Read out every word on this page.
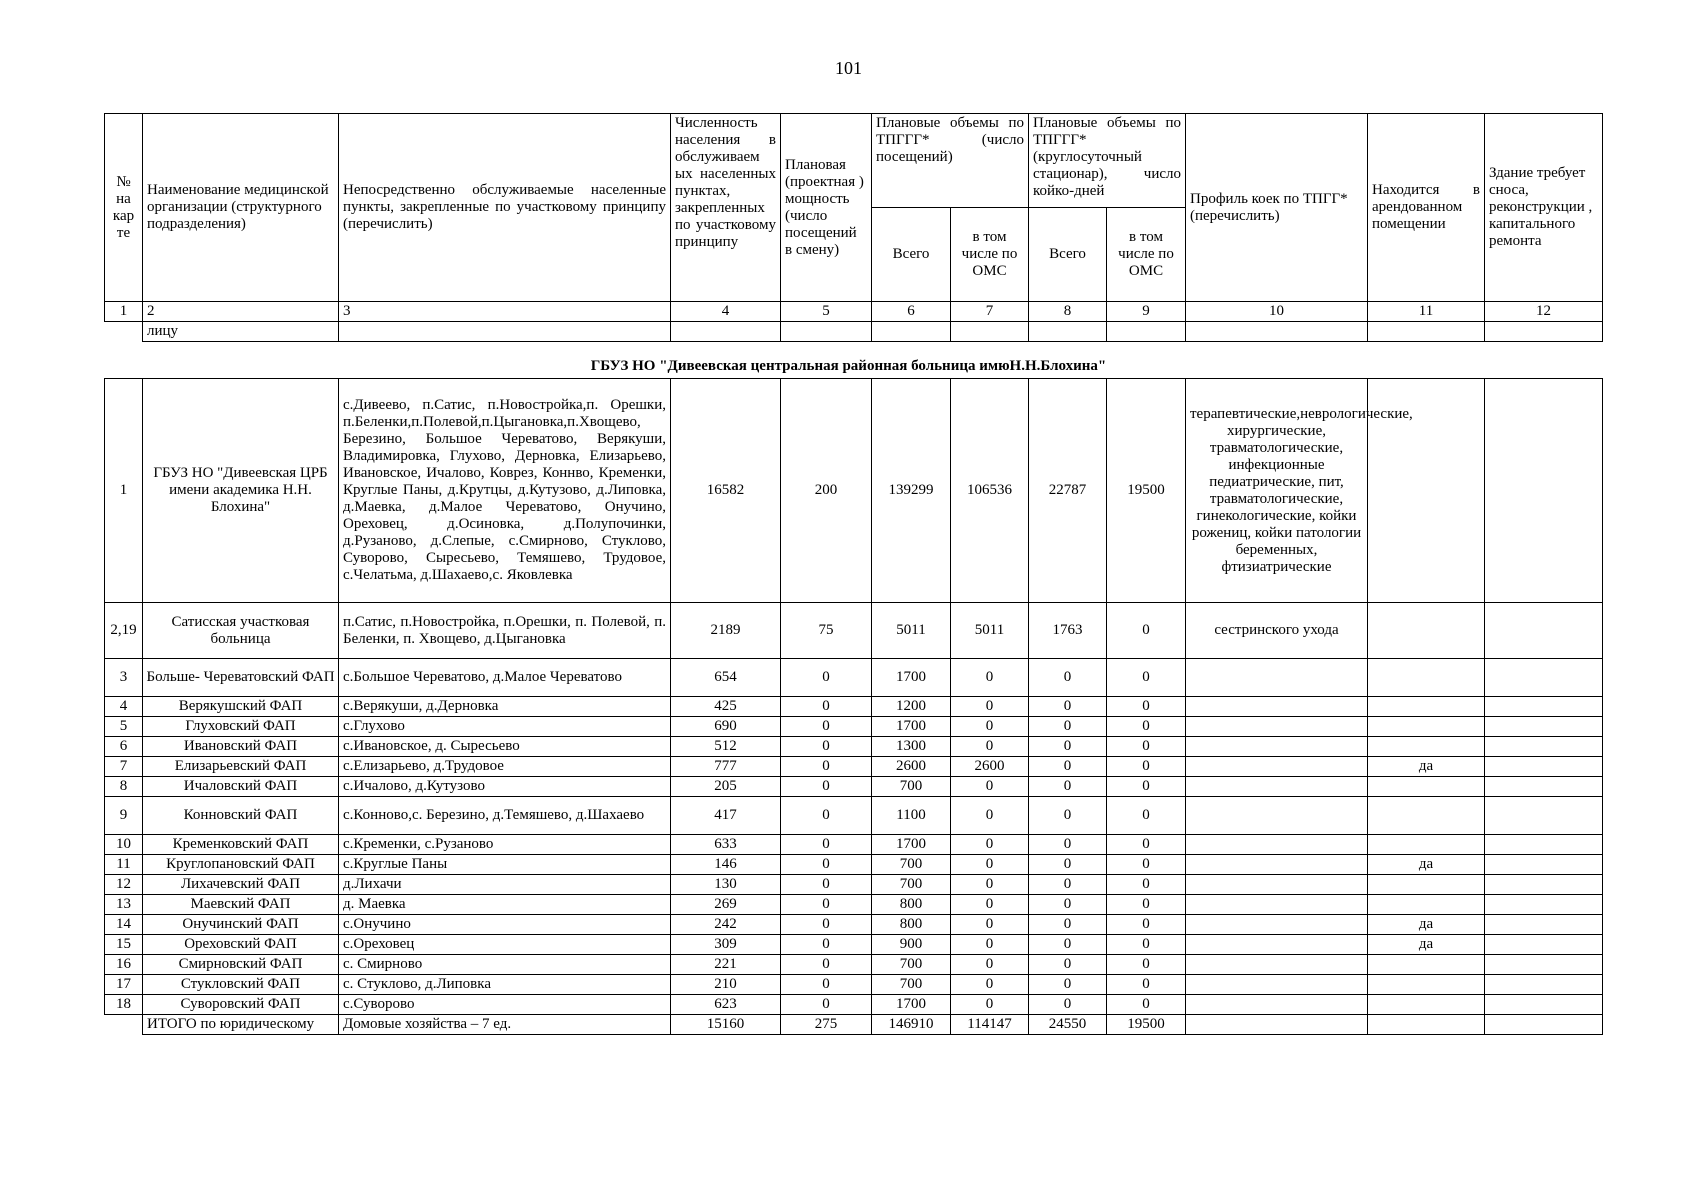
101
№ на кар те	Наименование медицинской организации (структурного подразделения)	Непосредственно обслуживаемые населенные пункты, закрепленные по участковому принципу (перечислить)	Численность населения в обслуживаем ых населенных пунктах, закрепленных по участковому принципу	Плановая (проектная ) мощность (число посещений в смену)	Плановые объемы по ТПГГГ* (число посещений)		Плановые объемы по ТПГГГ* (круглосуточный стационар), число койко-дней		Профиль коек по ТПГГ* (перечислить)	Находится в арендованном помещении	Здание требует сноса, реконструкции , капитального ремонта
					Всего	в том числе по ОМС	Всего	в том числе по ОМС			
1	2	3	4	5	6	7	8	9	10	11	12
	лицу										
ГБУЗ НО "Дивеевская центральная районная больница имюН.Н.Блохина"
1	ГБУЗ НО "Дивеевская ЦРБ имени академика Н.Н. Блохина"	с.Дивеево, п.Сатис, п.Новостройка,п. Орешки, п.Беленки,п.Полевой,п.Цыгановка,п.Хвощево, Березино, Большое Череватово, Верякуши, Владимировка, Глухово, Дерновка, Елизарьево, Ивановское, Ичалово, Коврез, Коннво, Кременки, Круглые Паны, д.Крутцы, д.Кутузово, д.Липовка, д.Маевка, д.Малое Череватово, Онучино, Ореховец, д.Осиновка, д.Полупочинки, д.Рузаново, д.Слепые, с.Смирново, Стуклово, Суворово, Сыресьево, Темяшево, Трудовое, с.Челатьма, д.Шахаево,с. Яковлевка	16582	200	139299	106536	22787	19500	терапевтические,неврологические, хирургические, травматологические, инфекционные педиатрические, пит, травматологические, гинекологические, койки рожениц, койки патологии беременных, фтизиатрические		
2,19	Сатисская участковая больница	п.Сатис, п.Новостройка, п.Орешки, п. Полевой, п. Беленки, п. Хвощево, д.Цыгановка	2189	75	5011	5011	1763	0	сестринского ухода		
3	Больше- Череватовский ФАП	с.Большое Череватово, д.Малое Череватово	654	0	1700	0	0	0			
4	Верякушский ФАП	с.Верякуши, д.Дерновка	425	0	1200	0	0	0			
5	Глуховский ФАП	с.Глухово	690	0	1700	0	0	0			
6	Ивановский ФАП	с.Ивановское, д. Сыресьево	512	0	1300	0	0	0			
7	Елизарьевский ФАП	с.Елизарьево, д.Трудовое	777	0	2600	2600	0	0		да	
8	Ичаловский ФАП	с.Ичалово, д.Кутузово	205	0	700	0	0	0			
9	Конновский ФАП	с.Конново,с. Березино, д.Темяшево, д.Шахаево	417	0	1100	0	0	0			
10	Кременковский ФАП	с.Кременки, с.Рузаново	633	0	1700	0	0	0			
11	Круглопановский ФАП	с.Круглые Паны	146	0	700	0	0	0		да	
12	Лихачевский ФАП	д.Лихачи	130	0	700	0	0	0			
13	Маевский ФАП	д. Маевка	269	0	800	0	0	0			
14	Онучинский ФАП	с.Онучино	242	0	800	0	0	0		да	
15	Ореховский ФАП	с.Ореховец	309	0	900	0	0	0		да	
16	Смирновский ФАП	с. Смирново	221	0	700	0	0	0			
17	Стукловский ФАП	с. Стуклово, д.Липовка	210	0	700	0	0	0			
18	Суворовский ФАП	с.Суворово	623	0	1700	0	0	0			
	ИТОГО по юридическому	Домовые хозяйства – 7 ед.	15160	275	146910	114147	24550	19500			
